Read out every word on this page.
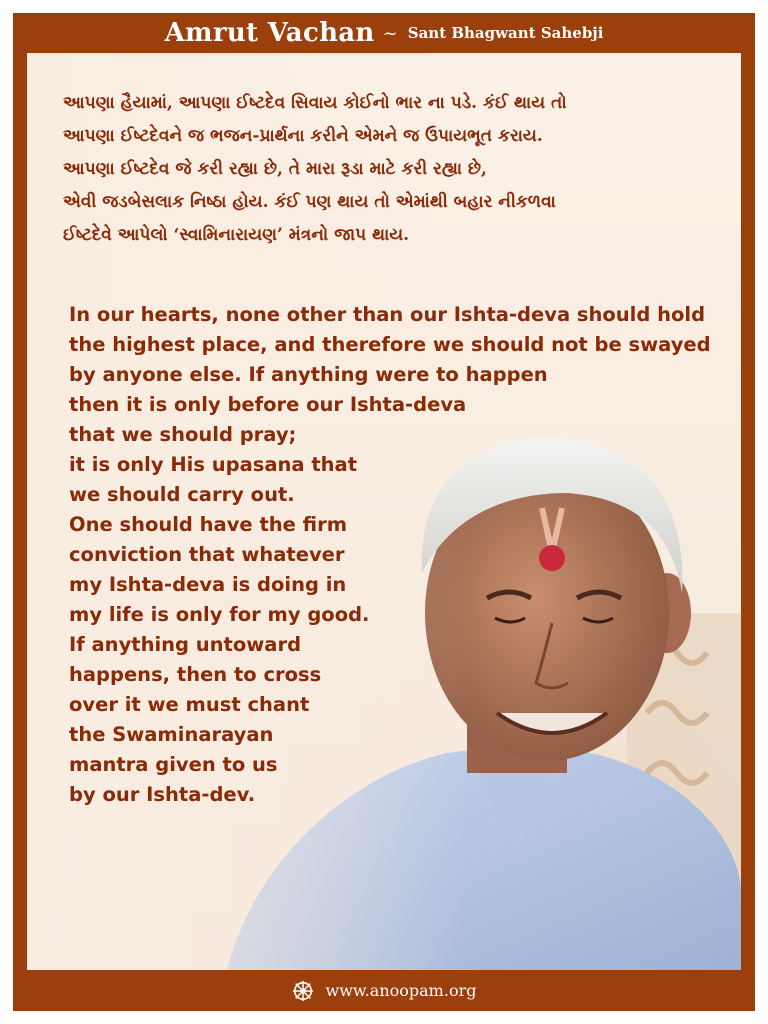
Amrut Vachan ~ Sant Bhagwant Sahebji
આપણા હૈયામાં, આપણા ઈષ્ટદેવ સિવાય કોઈનો ભાર ના પડે. કંઈ થાય તો
આપણા ઈષ્ટદેવને જ ભજન-પ્રાર્થના કરીને એમને જ ઉપાયભૂત કરાય.
આપણા ઈષ્ટદેવ જે કરી રહ્યા છે, તે મારા રૂડા માટે કરી રહ્યા છે,
એવી જડબેસલાક નિષ્ઠા હોય. કંઈ પણ થાય તો એમાંથી બહાર નીકળવા
ઈષ્ટદેવે આપેલો ‘સ્વામિનારાયણ’ મંત્રનો જાપ થાય.
In our hearts, none other than our Ishta-deva should hold
the highest place, and therefore we should not be swayed
by anyone else. If anything were to happen
then it is only before our Ishta-deva
that we should pray;
it is only His upasana that
we should carry out.
One should have the firm
conviction that whatever
my Ishta-deva is doing in
my life is only for my good.
If anything untoward
happens, then to cross
over it we must chant
the Swaminarayan
mantra given to us
by our Ishta-dev.
www.anoopam.org
